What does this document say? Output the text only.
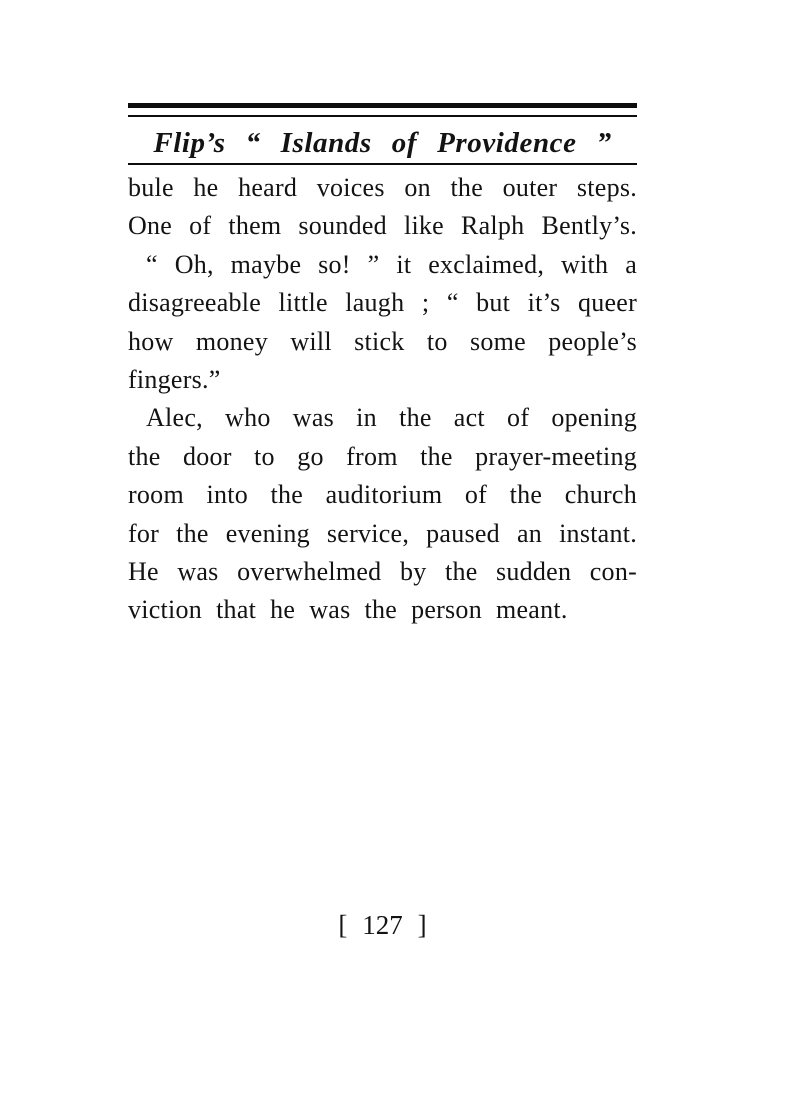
Flip’s “ Islands of Providence ”
bule he heard voices on the outer steps.
One of them sounded like Ralph Bently’s.
“ Oh, maybe so! ” it exclaimed, with a
disagreeable little laugh ; “ but it’s queer
how money will stick to some people’s
fingers.”
Alec, who was in the act of opening
the door to go from the prayer-meeting
room into the auditorium of the church
for the evening service, paused an instant.
He was overwhelmed by the sudden con-
viction that he was the person meant.
[ 127 ]
